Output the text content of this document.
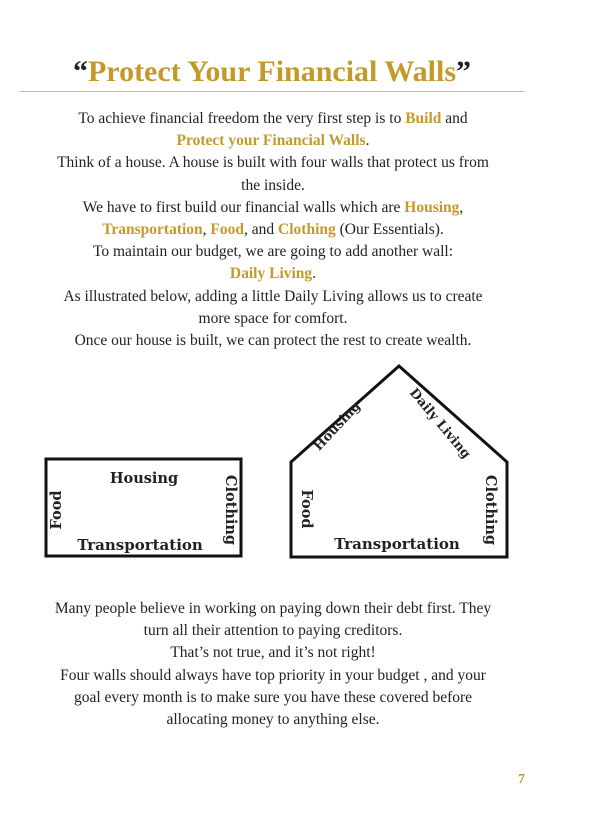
“Protect Your Financial Walls”
To achieve financial freedom the very first step is to Build and
Protect your Financial Walls.
Think of a house. A house is built with four walls that protect us from
the inside.
We have to first build our financial walls which are Housing,
Transportation, Food, and Clothing (Our Essentials).
To maintain our budget, we are going to add another wall:
Daily Living.
As illustrated below, adding a little Daily Living allows us to create
more space for comfort.
Once our house is built, we can protect the rest to create wealth.
Housing
Transportation
Food	Clothing
Housing	Daily Living
Transportation
Food	Clothing
Many people believe in working on paying down their debt first. They
turn all their attention to paying creditors.
That’s not true, and it’s not right!
Four walls should always have top priority in your budget , and your
goal every month is to make sure you have these covered before
allocating money to anything else.
7
